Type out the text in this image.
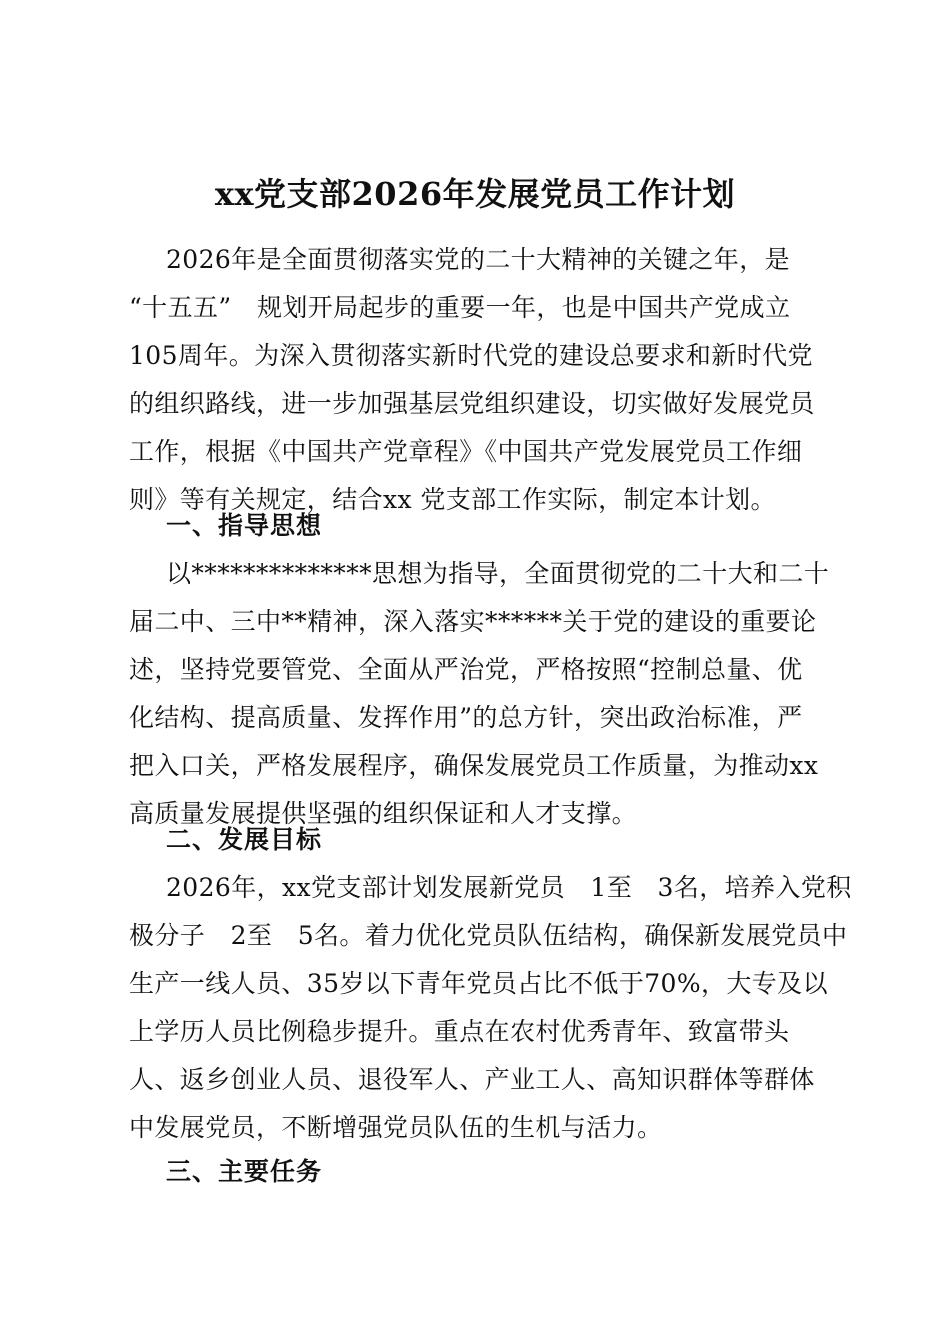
xx党支部2026年发展党员工作计划
2026年是全面贯彻落实党的二十大精神的关键之年，是
“十五五”　规划开局起步的重要一年，也是中国共产党成立
105周年。为深入贯彻落实新时代党的建设总要求和新时代党
的组织路线，进一步加强基层党组织建设，切实做好发展党员
工作，根据《中国共产党章程》《中国共产党发展党员工作细
则》等有关规定，结合xx 党支部工作实际，制定本计划。
一、指导思想
以**************思想为指导，全面贯彻党的二十大和二十
届二中、三中**精神，深入落实******关于党的建设的重要论
述，坚持党要管党、全面从严治党，严格按照“控制总量、优
化结构、提高质量、发挥作用”的总方针，突出政治标准，严
把入口关，严格发展程序，确保发展党员工作质量，为推动xx
高质量发展提供坚强的组织保证和人才支撑。
二、发展目标
2026年，xx党支部计划发展新党员　1至　3名，培养入党积
极分子　2至　5名。着力优化党员队伍结构，确保新发展党员中
生产一线人员、35岁以下青年党员占比不低于70%，大专及以
上学历人员比例稳步提升。重点在农村优秀青年、致富带头
人、返乡创业人员、退役军人、产业工人、高知识群体等群体
中发展党员，不断增强党员队伍的生机与活力。
三、主要任务
